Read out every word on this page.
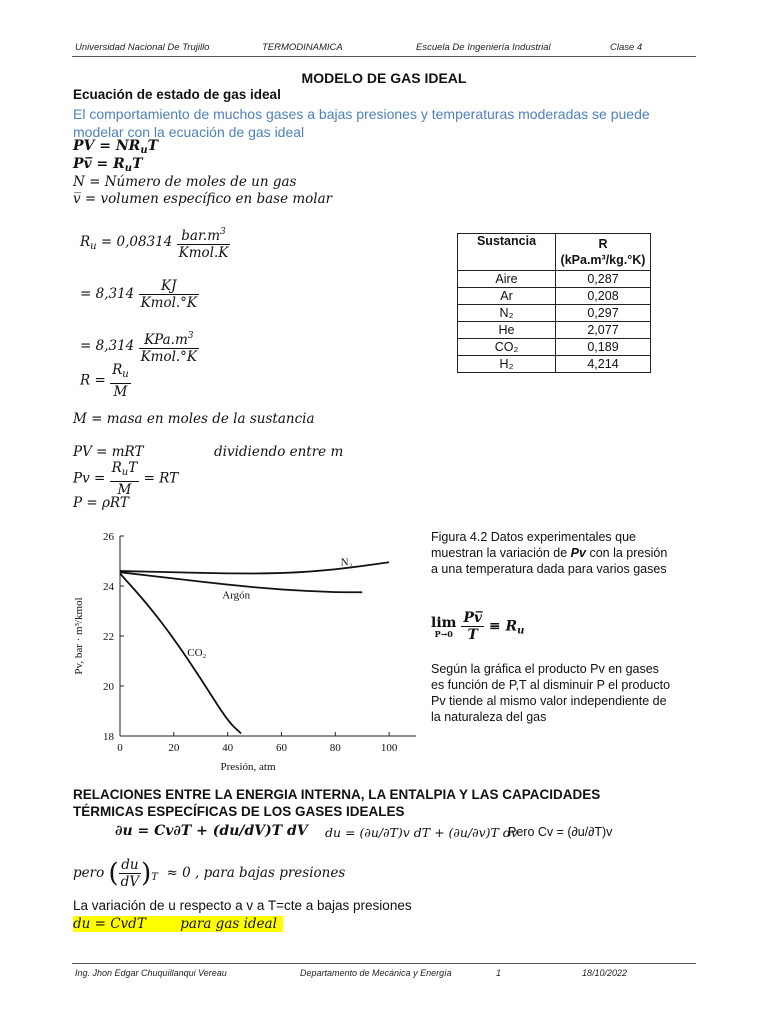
Universidad Nacional De Trujillo	TERMODINAMICA	Escuela De Ingeniería Industrial	Clase 4
MODELO DE GAS IDEAL
Ecuación de estado de gas ideal
El comportamiento de muchos gases a bajas presiones y temperaturas moderadas se puede modelar con la ecuación de gas ideal
PV = $NR_uT$
Pv̅ = $R_uT$
N = Número de moles de un gas
v̅ = volumen específico en base molar
$R_u = 0,08314 \frac{bar.m^3}{\text{Kmol.K}}$
= $8,314 \frac{KJ}{\text{Kmol.°K}}$
= $8,314 \frac{KPa.m^3}{\text{Kmol.°K}}$
$R = \frac{R_u}{M}$
Sustancia	R
(kPa.m³/kg.°K)

Aire	0,287
Ar	0,208
N₂	0,297
He	2,077
CO₂	0,189
H₂	4,214
M = masa en moles de la sustancia
PV = mRT	dividiendo entre m
$Pv = \frac{R_uT}{M}$ = RT
P = ρRT
0	20	40	60	80	100
18
20
22
24
26
Presión, atm
Pv, bar · m³/kmol
N₂
Argón
CO₂
Figura 4.2 Datos experimentales que muestran la variación de Pv con la presión a una temperatura dada para varios gases
lim
P→0
$\frac{Pv̅}{T} \equiv R_u$
Según la gráfica el producto Pv en gases es función de P,T al disminuir P el producto Pv tiende al mismo valor independiente de la naturaleza del gas
RELACIONES ENTRE LA ENERGIA INTERNA, LA ENTALPIA Y LAS CAPACIDADES TÉRMICAS ESPECÍFICAS DE LOS GASES IDEALES
∂u = Cv∂T + (du/dV)T dV du = (∂u/∂T)v dT + (∂u/∂v)T dv
Pero Cv = (∂u/∂T)v
pero ( $\frac{du}{dV} )_T \approx 0$ , para bajas presiones
La variación de u respecto a v a T=cte a bajas presiones
du = CvdT	para gas ideal
Ing. Jhon Edgar Chuquillanqui Vereau	Departamento de Mecánica y Energía	1	18/10/2022
